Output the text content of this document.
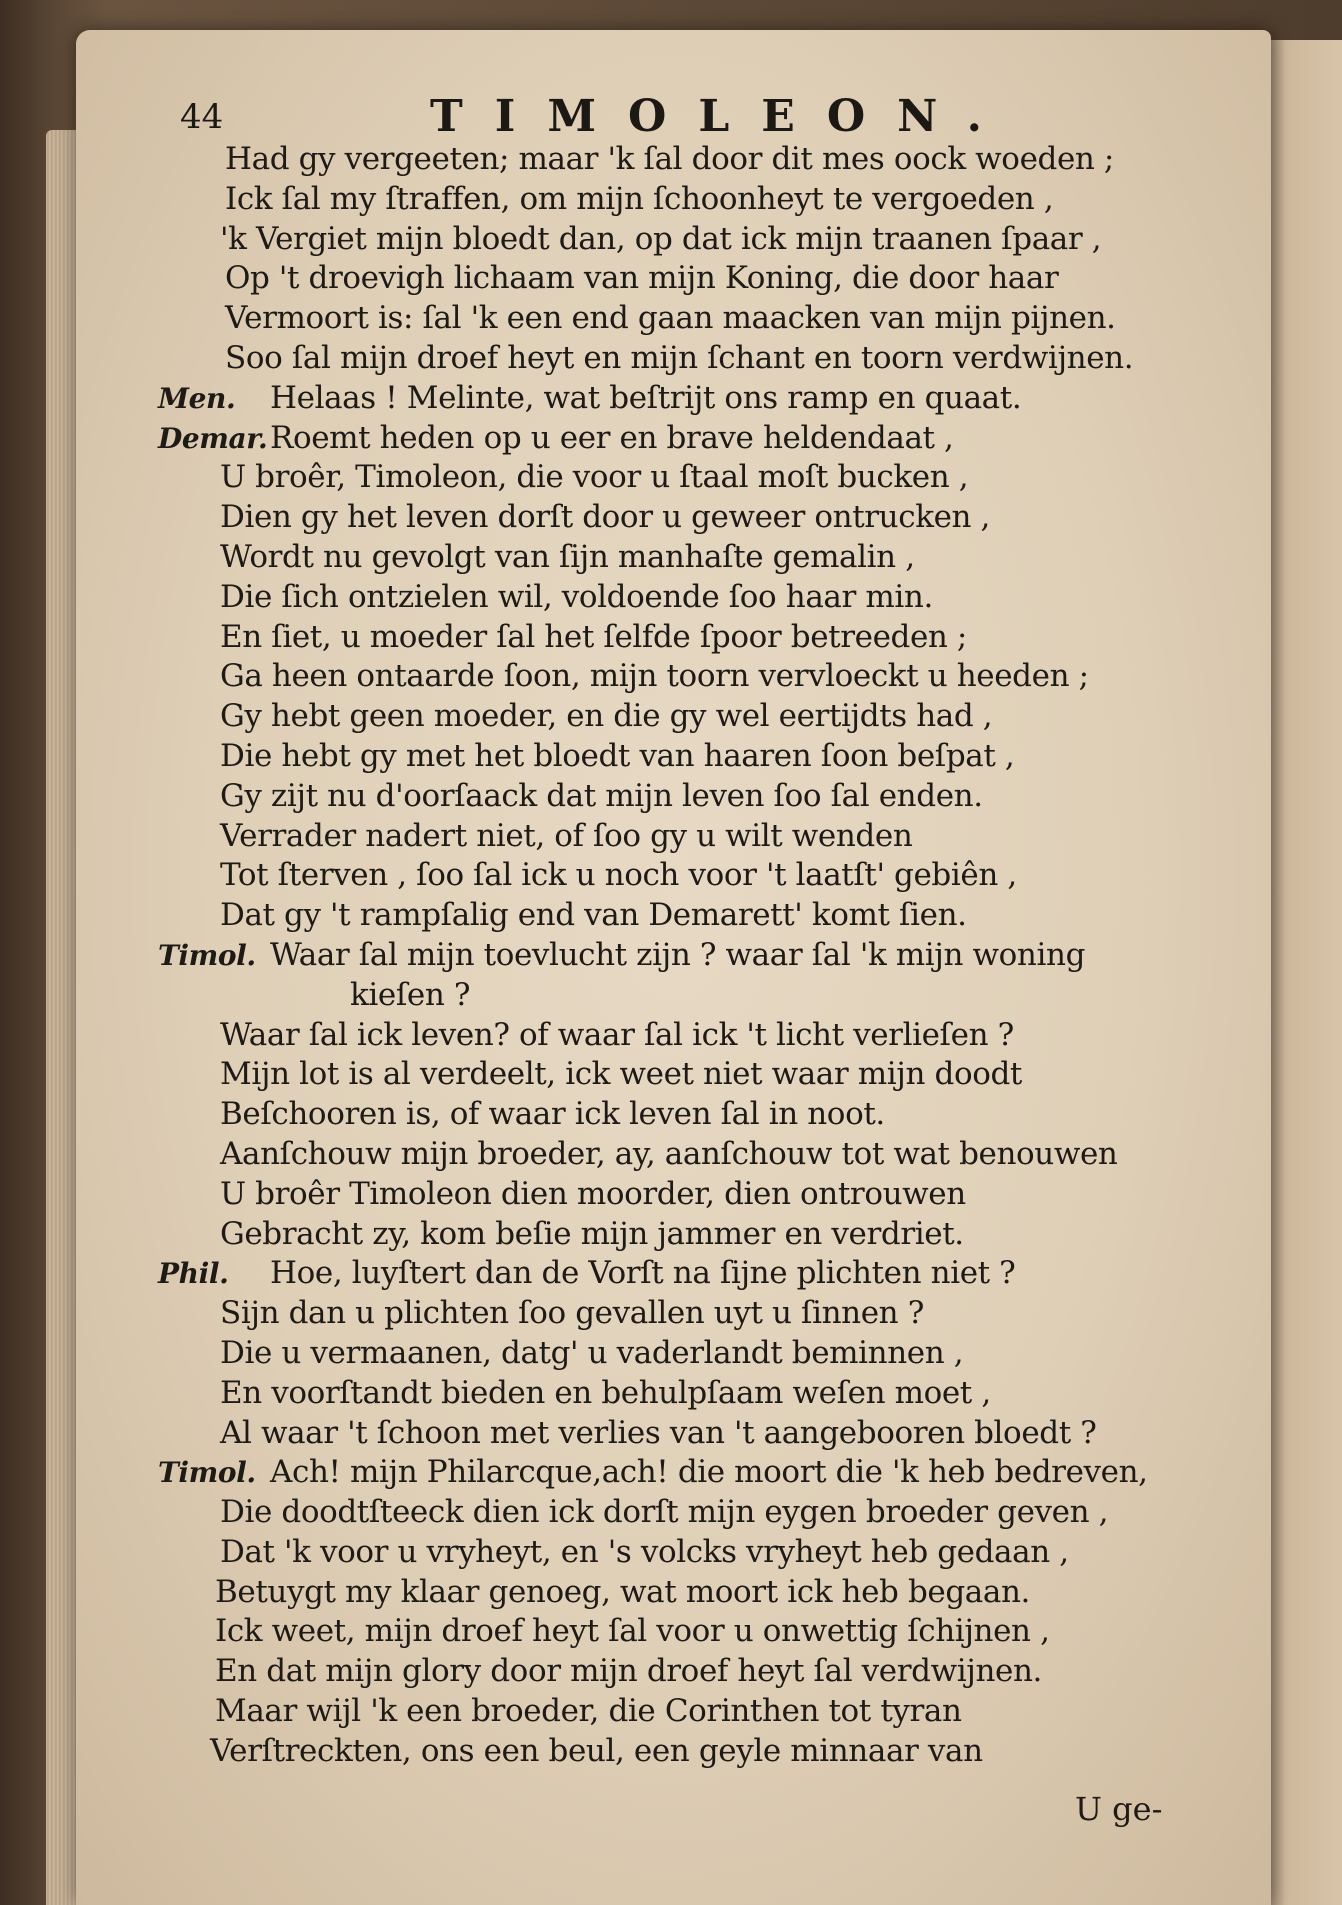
44	TIMOLEON.
Had gy vergeeten; maar 'k ſal door dit mes oock woeden ;
Ick ſal my ſtraffen, om mijn ſchoonheyt te vergoeden ,
'k Vergiet mijn bloedt dan, op dat ick mijn traanen ſpaar ,
Op 't droevigh lichaam van mijn Koning, die door haar
Vermoort is: ſal 'k een end gaan maacken van mijn pijnen.
Soo ſal mijn droef heyt en mijn ſchant en toorn verdwijnen.
Men. Helaas ! Melinte, wat beſtrijt ons ramp en quaat.
Demar.Roemt heden op u eer en brave heldendaat ,
U broêr, Timoleon, die voor u ſtaal moſt bucken ,
Dien gy het leven dorſt door u geweer ontrucken ,
Wordt nu gevolgt van ſijn manhaſte gemalin ,
Die ſich ontzielen wil, voldoende ſoo haar min.
En ſiet, u moeder ſal het ſelfde ſpoor betreeden ;
Ga heen ontaarde ſoon, mijn toorn vervloeckt u heeden ;
Gy hebt geen moeder, en die gy wel eertijdts had ,
Die hebt gy met het bloedt van haaren ſoon beſpat ,
Gy zijt nu d'oorſaack dat mijn leven ſoo ſal enden.
Verrader nadert niet, of ſoo gy u wilt wenden
Tot ſterven , ſoo ſal ick u noch voor 't laatſt' gebiên ,
Dat gy 't rampſalig end van Demarett' komt ſien.
Timol. Waar ſal mijn toevlucht zijn ? waar ſal 'k mijn woning
kieſen ?
Waar ſal ick leven? of waar ſal ick 't licht verlieſen ?
Mijn lot is al verdeelt, ick weet niet waar mijn doodt
Beſchooren is, of waar ick leven ſal in noot.
Aanſchouw mijn broeder, ay, aanſchouw tot wat benouwen
U broêr Timoleon dien moorder, dien ontrouwen
Gebracht zy, kom beſie mijn jammer en verdriet.
Phil. Hoe, luyſtert dan de Vorſt na ſijne plichten niet ?
Sijn dan u plichten ſoo gevallen uyt u ſinnen ?
Die u vermaanen, datg' u vaderlandt beminnen ,
En voorſtandt bieden en behulpſaam weſen moet ,
Al waar 't ſchoon met verlies van 't aangebooren bloedt ?
Timol. Ach! mijn Philarcque,ach! die moort die 'k heb bedreven,
Die doodtſteeck dien ick dorſt mijn eygen broeder geven ,
Dat 'k voor u vryheyt, en 's volcks vryheyt heb gedaan ,
Betuygt my klaar genoeg, wat moort ick heb begaan.
Ick weet, mijn droef heyt ſal voor u onwettig ſchijnen ,
En dat mijn glory door mijn droef heyt ſal verdwijnen.
Maar wijl 'k een broeder, die Corinthen tot tyran
Verſtreckten, ons een beul, een geyle minnaar van
U ge-
